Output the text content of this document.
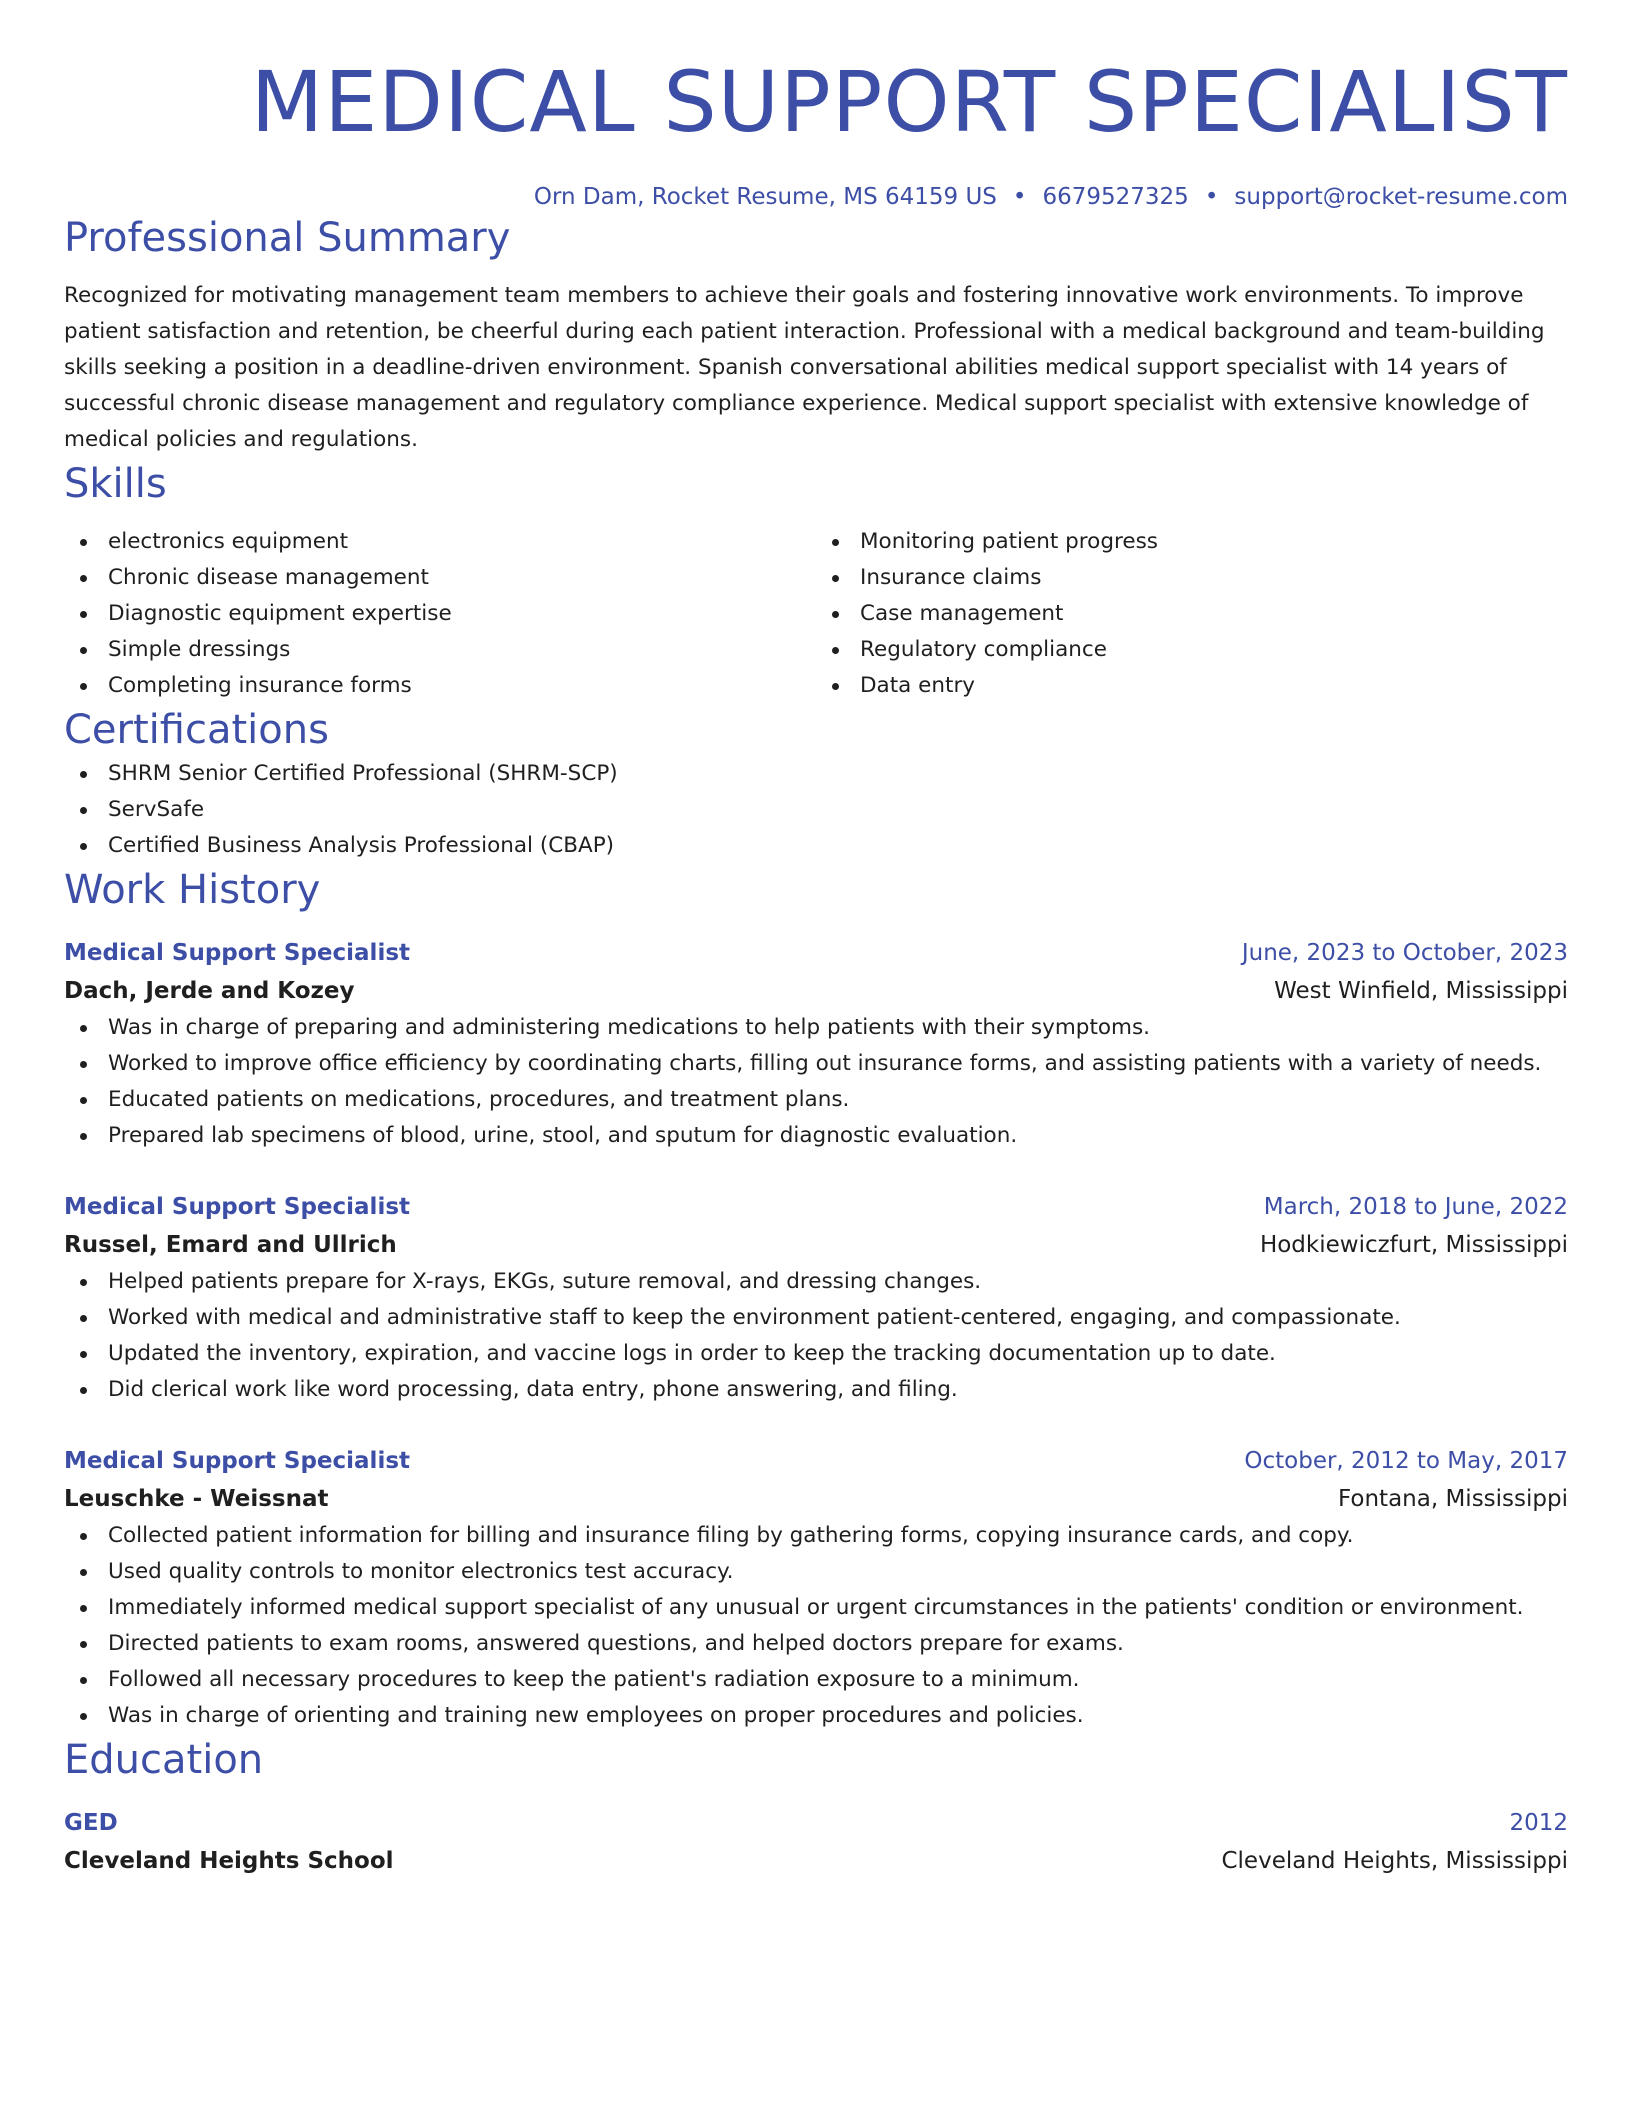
MEDICAL SUPPORT SPECIALIST
Orn Dam, Rocket Resume, MS 64159 US • 6679527325 • support@rocket-resume.com
Professional Summary
Recognized for motivating management team members to achieve their goals and fostering innovative work environments. To improve patient satisfaction and retention, be cheerful during each patient interaction. Professional with a medical background and team-building skills seeking a position in a deadline-driven environment. Spanish conversational abilities medical support specialist with 14 years of successful chronic disease management and regulatory compliance experience. Medical support specialist with extensive knowledge of medical policies and regulations.
Skills
electronics equipment
Chronic disease management
Diagnostic equipment expertise
Simple dressings
Completing insurance forms
Monitoring patient progress
Insurance claims
Case management
Regulatory compliance
Data entry
Certifications
SHRM Senior Certified Professional (SHRM-SCP)
ServSafe
Certified Business Analysis Professional (CBAP)
Work History
Medical Support Specialist	June, 2023 to October, 2023
Dach, Jerde and Kozey	West Winfield, Mississippi
Was in charge of preparing and administering medications to help patients with their symptoms.
Worked to improve office efficiency by coordinating charts, filling out insurance forms, and assisting patients with a variety of needs.
Educated patients on medications, procedures, and treatment plans.
Prepared lab specimens of blood, urine, stool, and sputum for diagnostic evaluation.
Medical Support Specialist	March, 2018 to June, 2022
Russel, Emard and Ullrich	Hodkiewiczfurt, Mississippi
Helped patients prepare for X-rays, EKGs, suture removal, and dressing changes.
Worked with medical and administrative staff to keep the environment patient-centered, engaging, and compassionate.
Updated the inventory, expiration, and vaccine logs in order to keep the tracking documentation up to date.
Did clerical work like word processing, data entry, phone answering, and filing.
Medical Support Specialist	October, 2012 to May, 2017
Leuschke - Weissnat	Fontana, Mississippi
Collected patient information for billing and insurance filing by gathering forms, copying insurance cards, and copy.
Used quality controls to monitor electronics test accuracy.
Immediately informed medical support specialist of any unusual or urgent circumstances in the patients' condition or environment.
Directed patients to exam rooms, answered questions, and helped doctors prepare for exams.
Followed all necessary procedures to keep the patient's radiation exposure to a minimum.
Was in charge of orienting and training new employees on proper procedures and policies.
Education
GED	2012
Cleveland Heights School	Cleveland Heights, Mississippi
